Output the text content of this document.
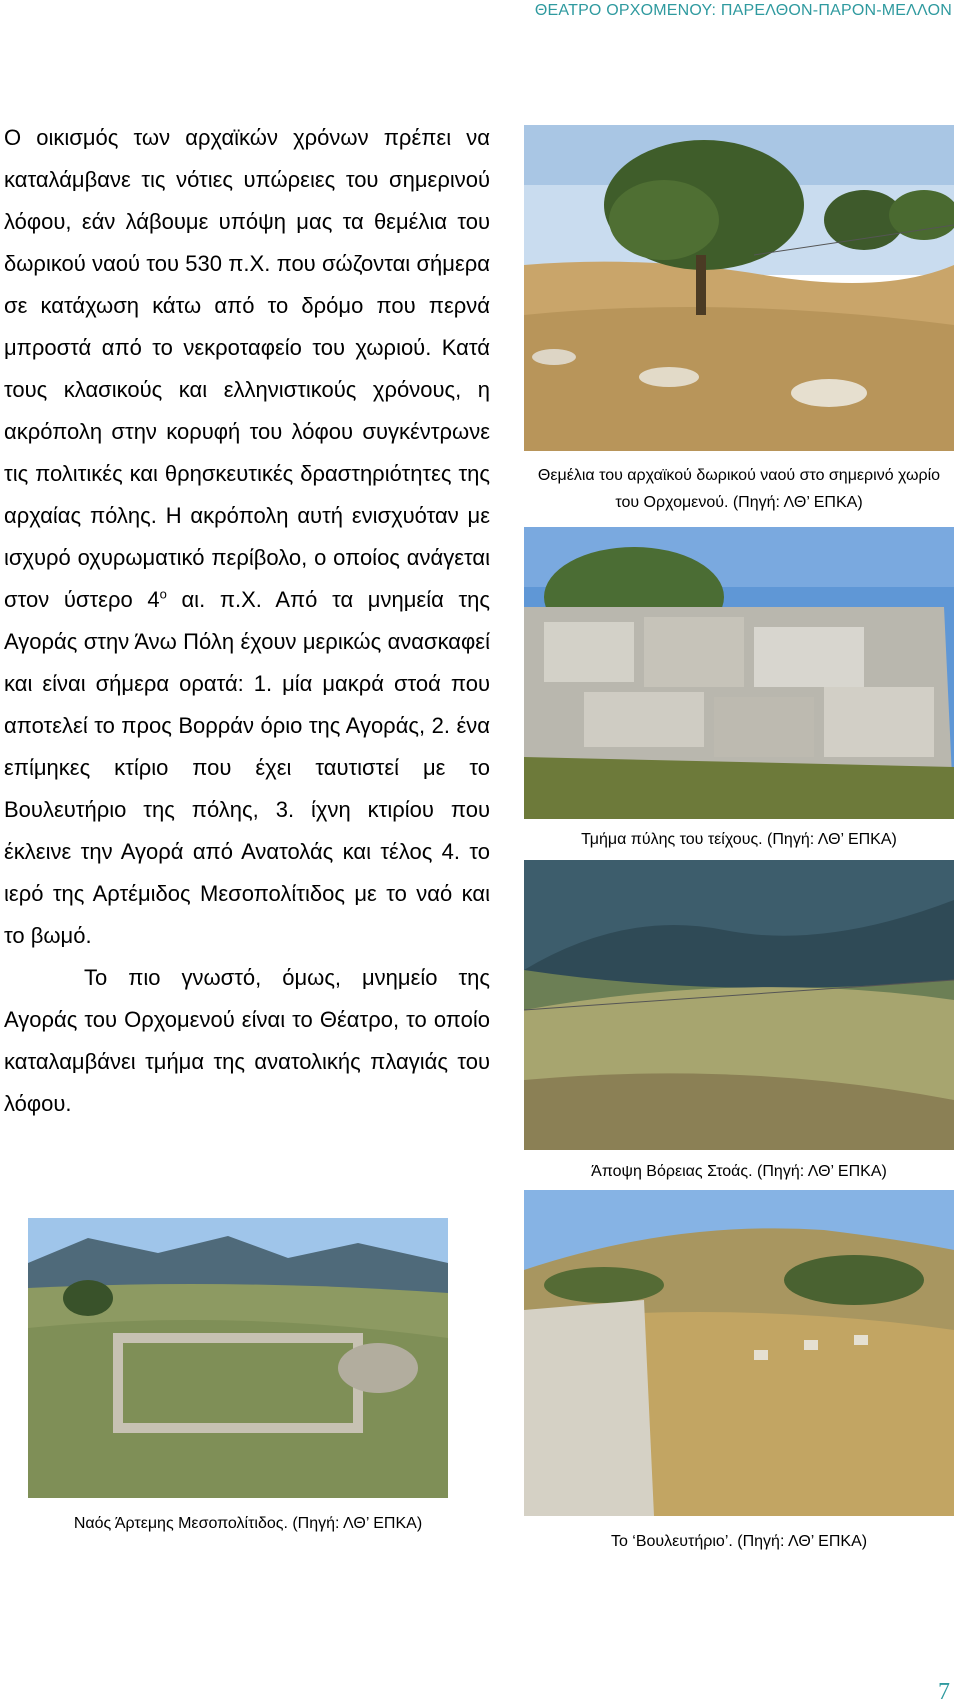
ΘΕΑΤΡΟ ΟΡΧΟΜΕΝΟΥ: ΠΑΡΕΛΘΟΝ-ΠΑΡΟΝ-ΜΕΛΛΟΝ

Ο οικισμός των αρχαϊκών χρόνων πρέπει να καταλάμβανε τις νότιες υπώρειες του σημερινού λόφου, εάν λάβουμε υπόψη μας τα θεμέλια του δωρικού ναού του 530 π.Χ. που σώζονται σήμερα σε κατάχωση κάτω από το δρόμο που περνά μπροστά από το νεκροταφείο του χωριού. Κατά τους κλασικούς και ελληνιστικούς χρόνους, η ακρόπολη στην κορυφή του λόφου συγκέντρωνε τις πολιτικές και θρησκευτικές δραστηριότητες της αρχαίας πόλης. Η ακρόπολη αυτή ενισχυόταν με ισχυρό οχυρωματικό περίβολο, ο οποίος ανάγεται στον ύστερο $4^o$ αι. π.Χ. Από τα μνημεία της Αγοράς στην Άνω Πόλη έχουν μερικώς ανασκαφεί και είναι σήμερα ορατά: 1. μία μακρά στοά που αποτελεί το προς Βορράν όριο της Αγοράς, 2. ένα επίμηκες κτίριο που έχει ταυτιστεί με το Βουλευτήριο της πόλης, 3. ίχνη κτιρίου που έκλεινε την Αγορά από Ανατολάς και τέλος 4. το ιερό της Αρτέμιδος Μεσοπολίτιδος με το ναό και το βωμό.

Το πιο γνωστό, όμως, μνημείο της Αγοράς του Ορχομενού είναι το Θέατρο, το οποίο καταλαμβάνει τμήμα της ανατολικής πλαγιάς του λόφου.

Θεμέλια του αρχαϊκού δωρικού ναού στο σημερινό χωρίο του Ορχομενού. (Πηγή: ΛΘ’ ΕΠΚΑ)
Τμήμα πύλης του τείχους. (Πηγή: ΛΘ’ ΕΠΚΑ)
Άποψη Βόρειας Στοάς. (Πηγή: ΛΘ’ ΕΠΚΑ)
Ναός Άρτεμης Μεσοπολίτιδος. (Πηγή: ΛΘ’ ΕΠΚΑ)
Το ‘Βουλευτήριο’. (Πηγή: ΛΘ’ ΕΠΚΑ)
7
